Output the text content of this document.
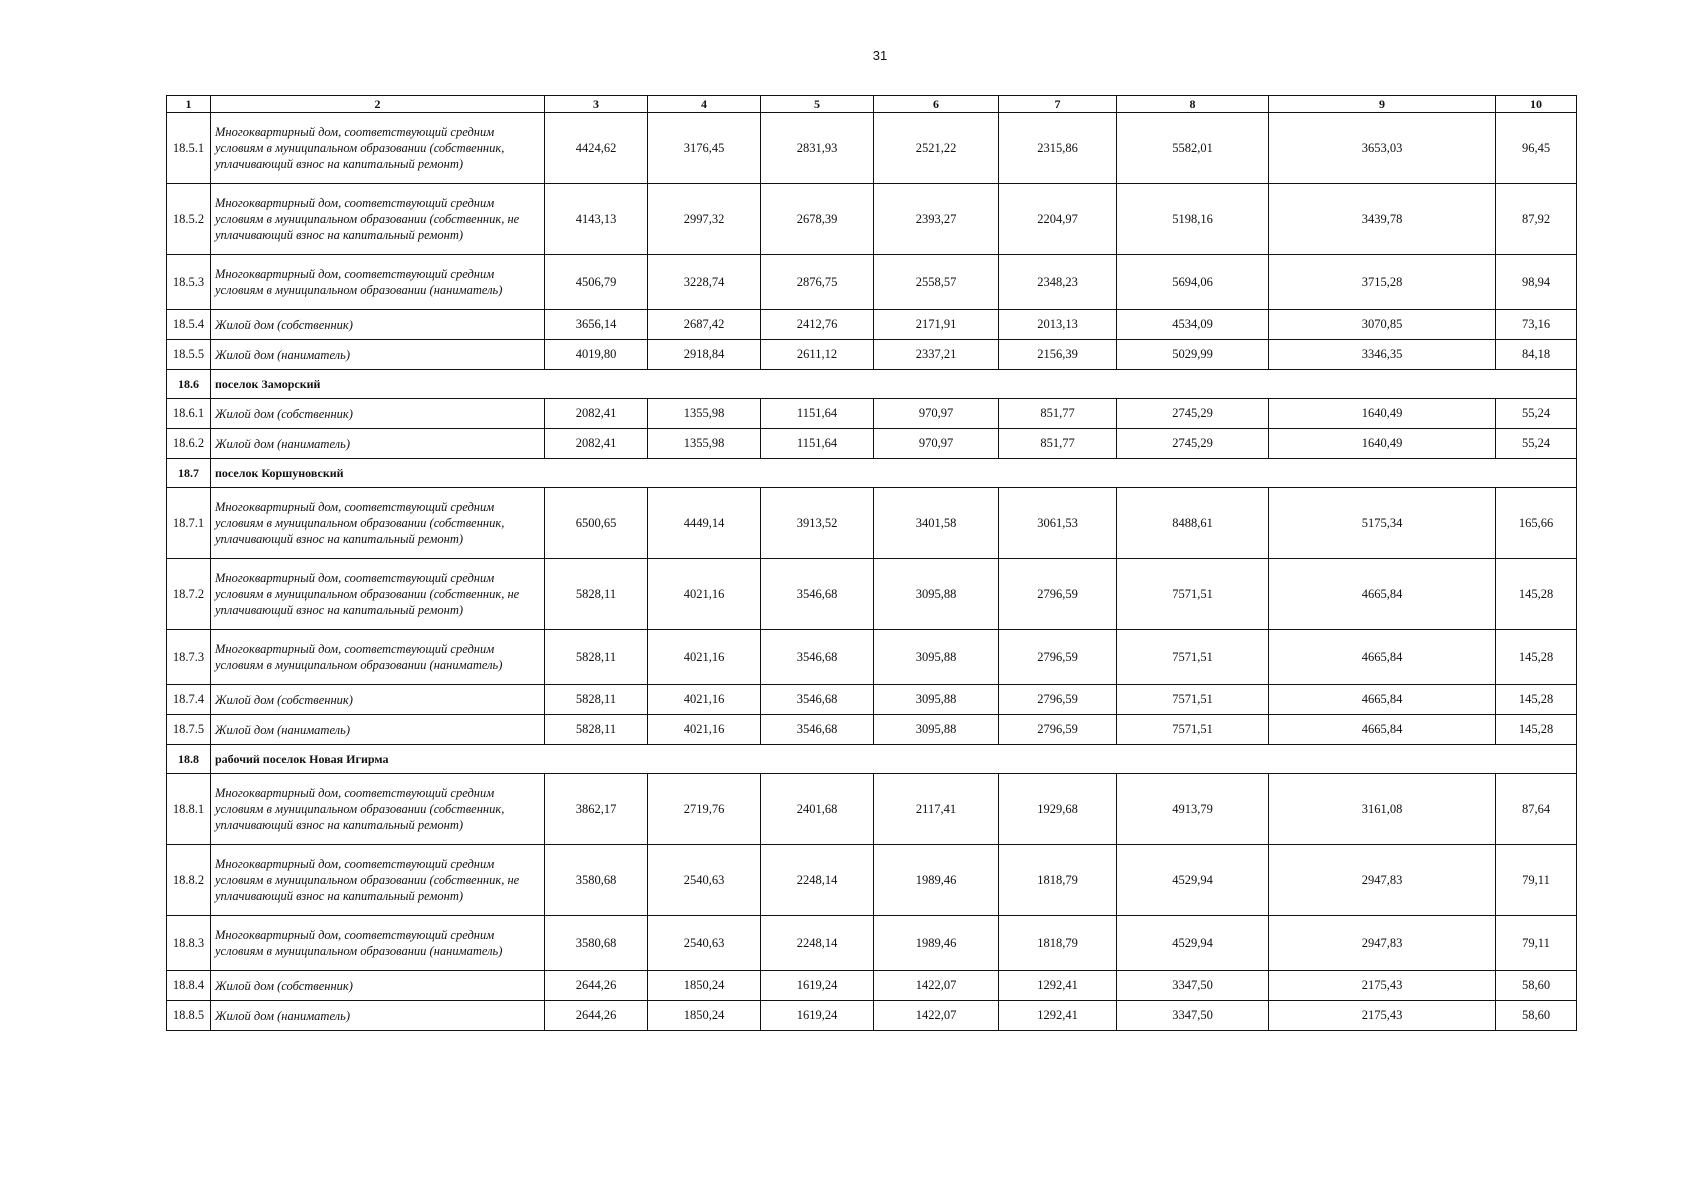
31
1	2	3	4	5	6	7	8	9	10
18.5.1	Многоквартирный дом, соответствующий средним условиям в муниципальном образовании (собственник, уплачивающий взнос на капитальный ремонт)	4424,62	3176,45	2831,93	2521,22	2315,86	5582,01	3653,03	96,45
18.5.2	Многоквартирный дом, соответствующий средним условиям в муниципальном образовании (собственник, не уплачивающий взнос на капитальный ремонт)	4143,13	2997,32	2678,39	2393,27	2204,97	5198,16	3439,78	87,92
18.5.3	Многоквартирный дом, соответствующий средним условиям в муниципальном образовании (наниматель)	4506,79	3228,74	2876,75	2558,57	2348,23	5694,06	3715,28	98,94
18.5.4	Жилой дом (собственник)	3656,14	2687,42	2412,76	2171,91	2013,13	4534,09	3070,85	73,16
18.5.5	Жилой дом (наниматель)	4019,80	2918,84	2611,12	2337,21	2156,39	5029,99	3346,35	84,18
18.6	поселок Заморский								
18.6.1	Жилой дом (собственник)	2082,41	1355,98	1151,64	970,97	851,77	2745,29	1640,49	55,24
18.6.2	Жилой дом (наниматель)	2082,41	1355,98	1151,64	970,97	851,77	2745,29	1640,49	55,24
18.7	поселок Коршуновский								
18.7.1	Многоквартирный дом, соответствующий средним условиям в муниципальном образовании (собственник, уплачивающий взнос на капитальный ремонт)	6500,65	4449,14	3913,52	3401,58	3061,53	8488,61	5175,34	165,66
18.7.2	Многоквартирный дом, соответствующий средним условиям в муниципальном образовании (собственник, не уплачивающий взнос на капитальный ремонт)	5828,11	4021,16	3546,68	3095,88	2796,59	7571,51	4665,84	145,28
18.7.3	Многоквартирный дом, соответствующий средним условиям в муниципальном образовании (наниматель)	5828,11	4021,16	3546,68	3095,88	2796,59	7571,51	4665,84	145,28
18.7.4	Жилой дом (собственник)	5828,11	4021,16	3546,68	3095,88	2796,59	7571,51	4665,84	145,28
18.7.5	Жилой дом (наниматель)	5828,11	4021,16	3546,68	3095,88	2796,59	7571,51	4665,84	145,28
18.8	рабочий поселок Новая Игирма								
18.8.1	Многоквартирный дом, соответствующий средним условиям в муниципальном образовании (собственник, уплачивающий взнос на капитальный ремонт)	3862,17	2719,76	2401,68	2117,41	1929,68	4913,79	3161,08	87,64
18.8.2	Многоквартирный дом, соответствующий средним условиям в муниципальном образовании (собственник, не уплачивающий взнос на капитальный ремонт)	3580,68	2540,63	2248,14	1989,46	1818,79	4529,94	2947,83	79,11
18.8.3	Многоквартирный дом, соответствующий средним условиям в муниципальном образовании (наниматель)	3580,68	2540,63	2248,14	1989,46	1818,79	4529,94	2947,83	79,11
18.8.4	Жилой дом (собственник)	2644,26	1850,24	1619,24	1422,07	1292,41	3347,50	2175,43	58,60
18.8.5	Жилой дом (наниматель)	2644,26	1850,24	1619,24	1422,07	1292,41	3347,50	2175,43	58,60
